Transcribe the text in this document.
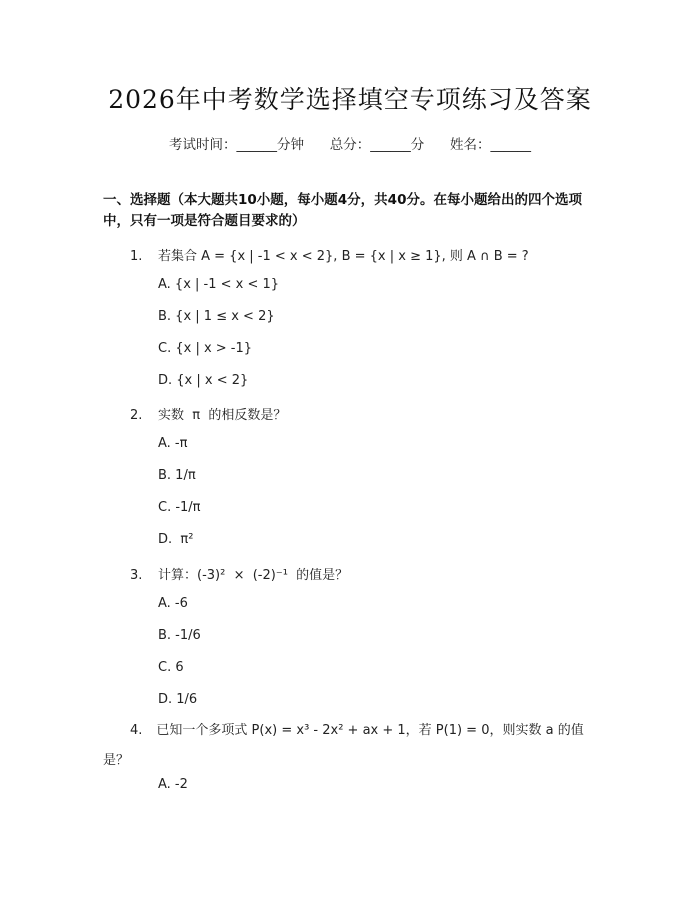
2026年中考数学选择填空专项练习及答案
考试时间：______分钟      总分：______分      姓名：______
一、选择题（本大题共10小题，每小题4分，共40分。在每小题给出的四个选项中，只有一项是符合题目要求的）
1. 若集合 A = {x | -1 < x < 2}, B = {x | x ≥ 1}, 则 A ∩ B = ?
A. {x | -1 < x < 1}
B. {x | 1 ≤ x < 2}
C. {x | x > -1}
D. {x | x < 2}
2. 实数  π  的相反数是？
A. -π
B. 1/π
C. -1/π
D.  π²
3. 计算：(-3)²  ×  (-2)⁻¹  的值是？
A. -6
B. -1/6
C. 6
D. 1/6
4. 已知一个多项式 P(x) = x³ - 2x² + ax + 1，若 P(1) = 0，则实数 a 的值是？
A. -2
